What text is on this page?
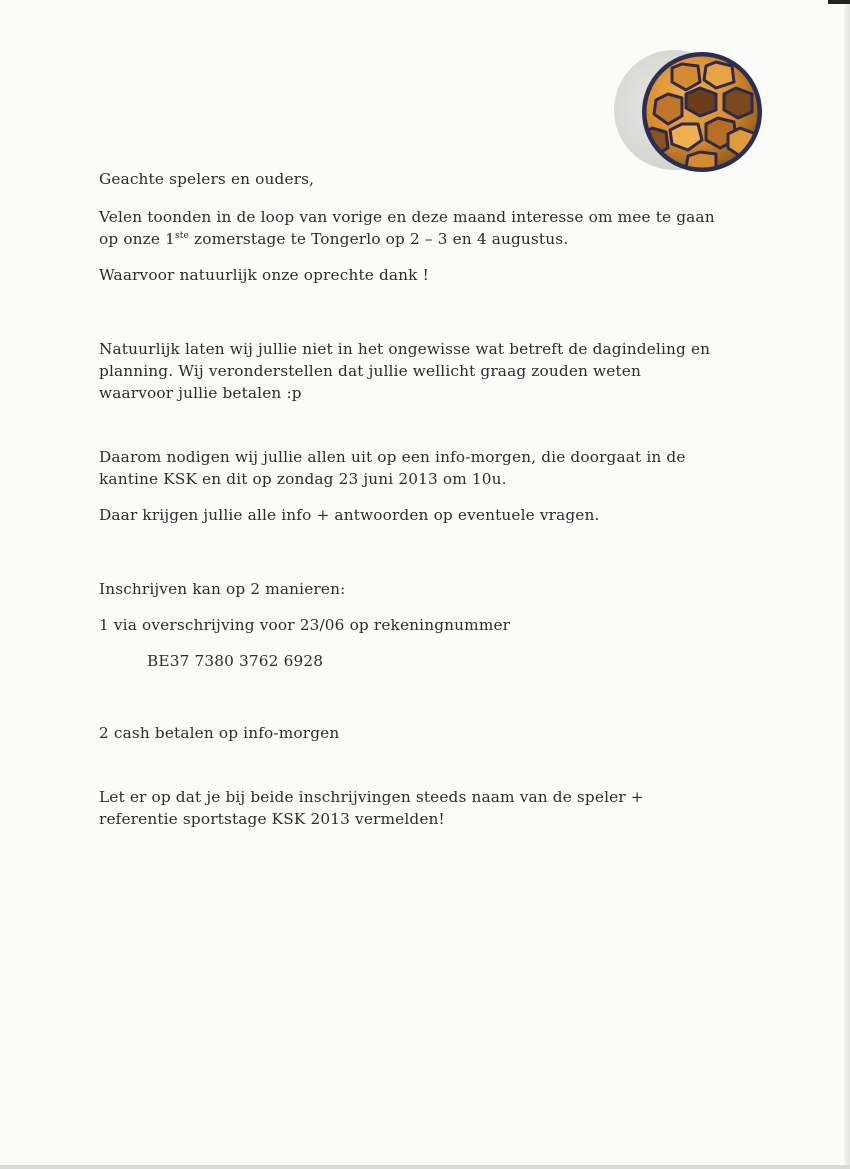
Geachte spelers en ouders,

Velen toonden in de loop van vorige en deze maand interesse om mee te gaan

op onze 1ste zomerstage te Tongerlo op 2 – 3 en 4 augustus.

Waarvoor natuurlijk onze oprechte dank !

Natuurlijk laten wij jullie niet in het ongewisse wat betreft de dagindeling en

planning. Wij veronderstellen dat jullie wellicht graag zouden weten

waarvoor jullie betalen :p

Daarom nodigen wij jullie allen uit op een info-morgen, die doorgaat in de

kantine KSK en dit op zondag 23 juni 2013 om 10u.

Daar krijgen jullie alle info + antwoorden op eventuele vragen.

Inschrijven kan op 2 manieren:

1 via overschrijving voor 23/06 op rekeningnummer

BE37 7380 3762 6928

2 cash betalen op info-morgen

Let er op dat je bij beide inschrijvingen steeds naam van de speler +

referentie sportstage KSK 2013 vermelden!
